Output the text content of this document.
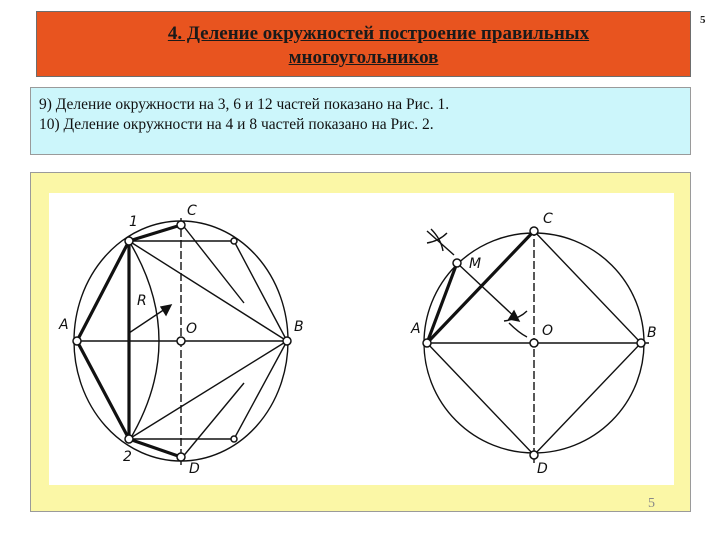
4. Деление окружностей построение правильных
многоугольников
5
9) Деление окружности на 3, 6 и 12 частей показано на Рис. 1.
10) Деление окружности на 4 и 8 частей показано на Рис. 2.
1
2
C
D
A	B
O
R
C
D
A	B
O
M
5
